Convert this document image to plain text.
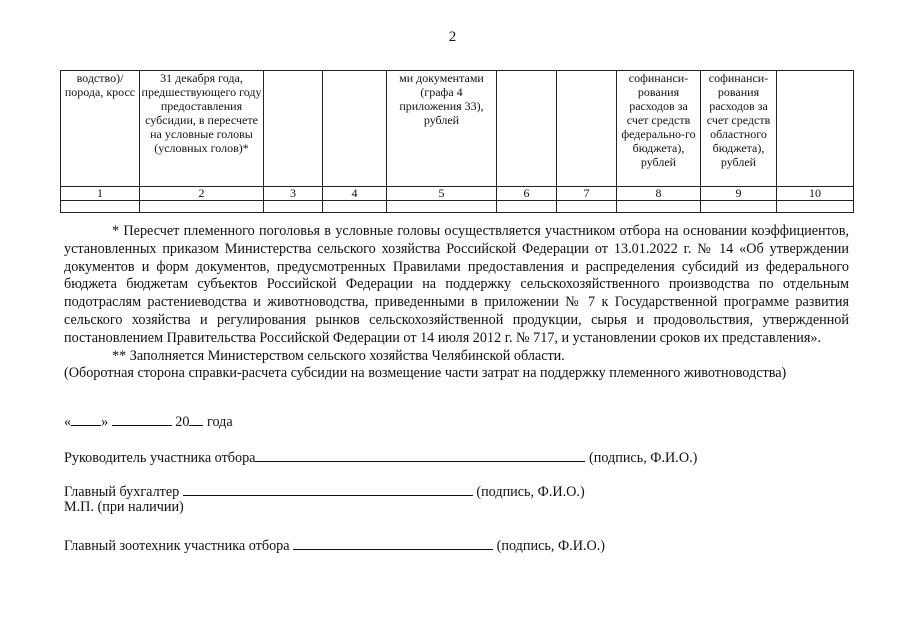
2
водство)/ порода, кросс	31 декабря года, предшествующего году предоставления субсидии, в пересчете на условные головы (условных голов)*			ми документами (графа 4 приложения 33), рублей			софинанси-рования расходов за счет средств федерально-го бюджета), рублей	софинанси-рования расходов за счет средств областного бюджета), рублей	
1	2	3	4	5	6	7	8	9	10

* Пересчет племенного поголовья в условные головы осуществляется участником отбора на основании коэффициентов, установленных приказом Министерства сельского хозяйства Российской Федерации от 13.01.2022 г. № 14 «Об утверждении документов и форм документов, предусмотренных Правилами предоставления и распределения субсидий из федерального бюджета бюджетам субъектов Российской Федерации на поддержку сельскохозяйственного производства по отдельным подотраслям растениеводства и животноводства, приведенными в приложении № 7 к Государственной программе развития сельского хозяйства и регулирования рынков сельскохозяйственной продукции, сырья и продовольствия, утвержденной постановлением Правительства Российской Федерации от 14 июля 2012 г. № 717, и установлении сроков их представления».

** Заполняется Министерством сельского хозяйства Челябинской области.

(Оборотная сторона справки-расчета субсидии на возмещение части затрат на поддержку племенного животноводства)

« »	20 года
Руководитель участника отбора	(подпись, Ф.И.О.)
Главный бухгалтер	(подпись, Ф.И.О.)
М.П. (при наличии)
Главный зоотехник участника отбора	(подпись, Ф.И.О.)
